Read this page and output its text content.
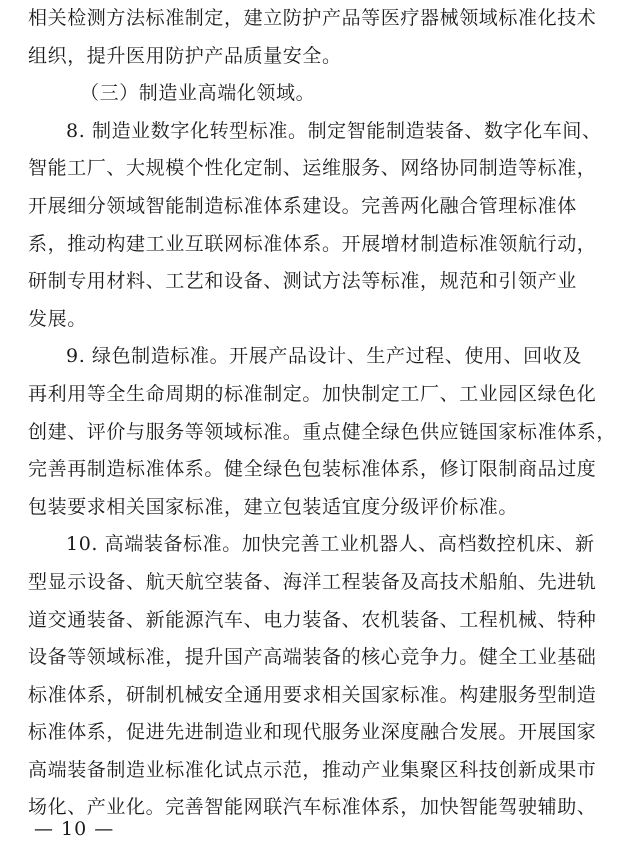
相关检测方法标准制定，建立防护产品等医疗器械领域标准化技术
组织，提升医用防护产品质量安全。
（三）制造业高端化领域。
8. 制造业数字化转型标准。制定智能制造装备、数字化车间、
智能工厂、大规模个性化定制、运维服务、网络协同制造等标准，
开展细分领域智能制造标准体系建设。完善两化融合管理标准体
系，推动构建工业互联网标准体系。开展增材制造标准领航行动，
研制专用材料、工艺和设备、测试方法等标准，规范和引领产业
发展。
9. 绿色制造标准。开展产品设计、生产过程、使用、回收及
再利用等全生命周期的标准制定。加快制定工厂、工业园区绿色化
创建、评价与服务等领域标准。重点健全绿色供应链国家标准体系，
完善再制造标准体系。健全绿色包装标准体系，修订限制商品过度
包装要求相关国家标准，建立包装适宜度分级评价标准。
10. 高端装备标准。加快完善工业机器人、高档数控机床、新
型显示设备、航天航空装备、海洋工程装备及高技术船舶、先进轨
道交通装备、新能源汽车、电力装备、农机装备、工程机械、特种
设备等领域标准，提升国产高端装备的核心竞争力。健全工业基础
标准体系，研制机械安全通用要求相关国家标准。构建服务型制造
标准体系，促进先进制造业和现代服务业深度融合发展。开展国家
高端装备制造业标准化试点示范，推动产业集聚区科技创新成果市
场化、产业化。完善智能网联汽车标准体系，加快智能驾驶辅助、
— 10 —
